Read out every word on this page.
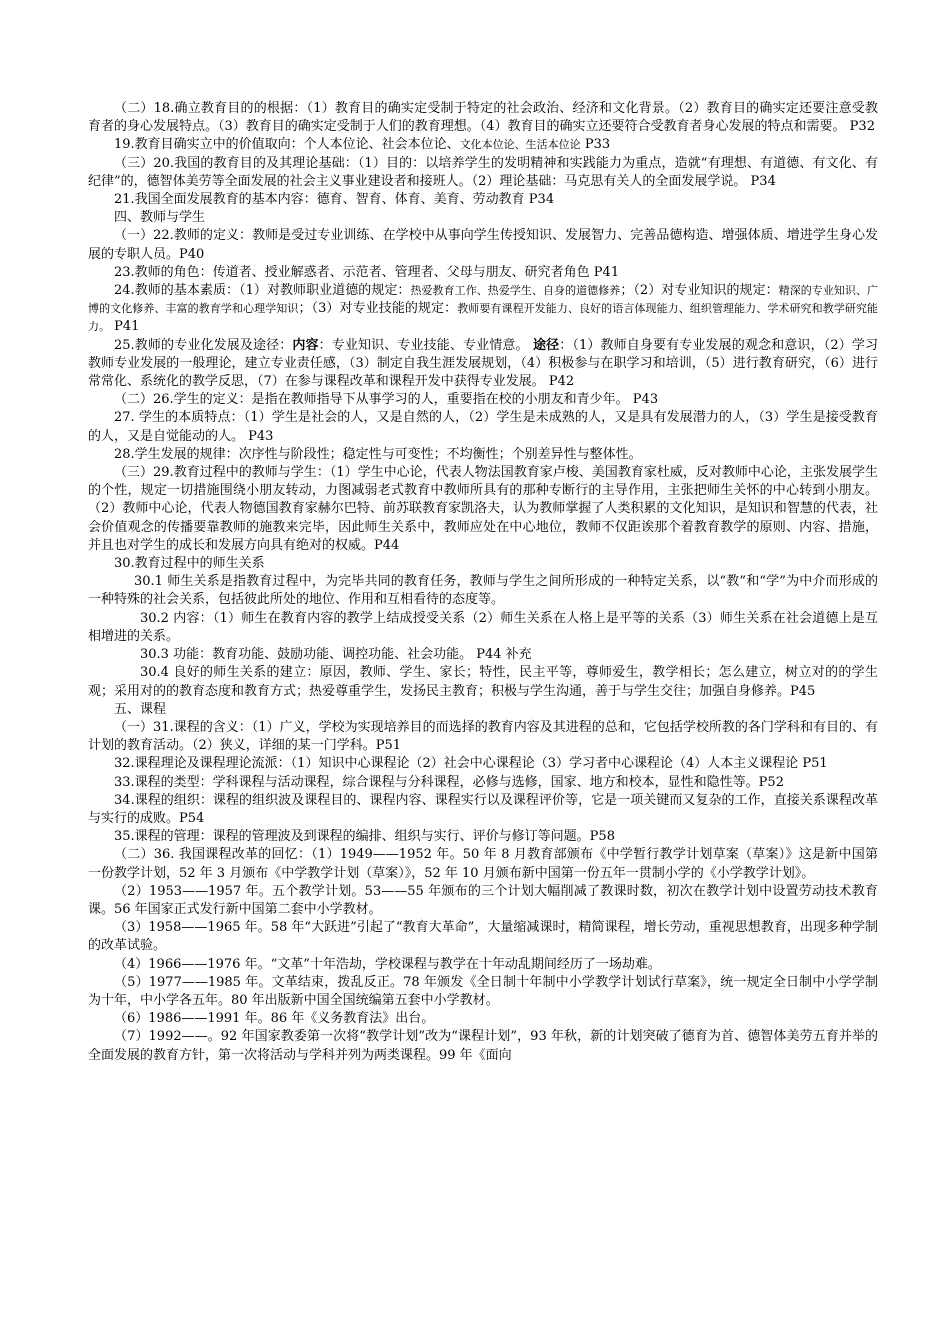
（二）18.确立教育目的的根据：（1）教育目的确实定受制于特定的社会政治、经济和文化背景。（2）教育目的确实定还要注意受教育者的身心发展特点。（3）教育目的确实定受制于人们的教育理想。（4）教育目的确实立还要符合受教育者身心发展的特点和需要。 P32

19.教育目确实立中的价值取向：个人本位论、社会本位论、文化本位论、生活本位论 P33

（三）20.我国的教育目的及其理论基础：（1）目的：以培养学生的发明精神和实践能力为重点，造就“有理想、有道德、有文化、有纪律”的，德智体美劳等全面发展的社会主义事业建设者和接班人。（2）理论基础：马克思有关人的全面发展学说。 P34

21.我国全面发展教育的基本内容：德育、智育、体育、美育、劳动教育 P34

四、教师与学生

（一）22.教师的定义：教师是受过专业训练、在学校中从事向学生传授知识、发展智力、完善品德构造、增强体质、增进学生身心发展的专职人员。P40

23.教师的角色：传道者、授业解惑者、示范者、管理者、父母与朋友、研究者角色 P41

24.教师的基本素质：（1）对教师职业道德的规定：热爱教育工作、热爱学生、自身的道德修养；（2）对专业知识的规定：精深的专业知识、广博的文化修养、丰富的教育学和心理学知识；（3）对专业技能的规定：教师要有课程开发能力、良好的语言体现能力、组织管理能力、学术研究和教学研究能力。 P41

25.教师的专业化发展及途径：内容：专业知识、专业技能、专业情意。 途径：（1）教师自身要有专业发展的观念和意识，（2）学习教师专业发展的一般理论，建立专业责任感，（3）制定自我生涯发展规划，（4）积极参与在职学习和培训，（5）进行教育研究，（6）进行常常化、系统化的教学反思，（7）在参与课程改革和课程开发中获得专业发展。 P42

（二）26.学生的定义：是指在教师指导下从事学习的人，重要指在校的小朋友和青少年。 P43

27. 学生的本质特点：（1）学生是社会的人，又是自然的人，（2）学生是未成熟的人，又是具有发展潜力的人，（3）学生是接受教育的人，又是自觉能动的人。 P43

28.学生发展的规律：次序性与阶段性；稳定性与可变性；不均衡性；个别差异性与整体性。

（三）29.教育过程中的教师与学生：（1）学生中心论，代表人物法国教育家卢梭、美国教育家杜威，反对教师中心论，主张发展学生的个性，规定一切措施围绕小朋友转动，力图减弱老式教育中教师所具有的那种专断行的主导作用，主张把师生关怀的中心转到小朋友。 （2）教师中心论，代表人物德国教育家赫尔巴特、前苏联教育家凯洛夫，认为教师掌握了人类积累的文化知识，是知识和智慧的代表，社会价值观念的传播要靠教师的施教来完毕，因此师生关系中，教师应处在中心地位，教师不仅距诶那个着教育教学的原则、内容、措施，并且也对学生的成长和发展方向具有绝对的权威。P44

30.教育过程中的师生关系

30.1 师生关系是指教育过程中，为完毕共同的教育任务，教师与学生之间所形成的一种特定关系，以“教”和“学”为中介而形成的一种特殊的社会关系，包括彼此所处的地位、作用和互相看待的态度等。

30.2 内容：（1）师生在教育内容的教学上结成授受关系（2）师生关系在人格上是平等的关系（3）师生关系在社会道德上是互相增进的关系。

30.3 功能：教育功能、鼓励功能、调控功能、社会功能。 P44 补充

30.4 良好的师生关系的建立：原因，教师、学生、家长；特性，民主平等，尊师爱生，教学相长；怎么建立，树立对的的学生观；采用对的的教育态度和教育方式；热爱尊重学生，发扬民主教育；积极与学生沟通，善于与学生交往；加强自身修养。P45

五、课程

（一）31.课程的含义：（1）广义，学校为实现培养目的而选择的教育内容及其进程的总和，它包括学校所教的各门学科和有目的、有计划的教育活动。（2）狭义，详细的某一门学科。P51

32.课程理论及课程理论流派：（1）知识中心课程论（2）社会中心课程论（3）学习者中心课程论（4）人本主义课程论 P51

33.课程的类型：学科课程与活动课程，综合课程与分科课程，必修与选修，国家、地方和校本，显性和隐性等。P52

34.课程的组织：课程的组织波及课程目的、课程内容、课程实行以及课程评价等，它是一项关键而又复杂的工作，直接关系课程改革与实行的成败。P54

35.课程的管理：课程的管理波及到课程的编排、组织与实行、评价与修订等问题。P58

（二）36. 我国课程改革的回忆：（1）1949——1952 年。50 年 8 月教育部颁布《中学暂行教学计划草案（草案）》这是新中国第一份教学计划，52 年 3 月颁布《中学教学计划（草案）》，52 年 10 月颁布新中国第一份五年一贯制小学的《小学教学计划》。

（2）1953——1957 年。五个教学计划。53——55 年颁布的三个计划大幅削减了教课时数，初次在教学计划中设置劳动技术教育课。56 年国家正式发行新中国第二套中小学教材。

（3）1958——1965 年。58 年“大跃进”引起了“教育大革命”，大量缩减课时，精简课程，增长劳动，重视思想教育，出现多种学制的改革试验。

（4）1966——1976 年。“文革”十年浩劫，学校课程与教学在十年动乱期间经历了一场劫难。

（5）1977——1985 年。文革结束，拨乱反正。78 年颁发《全日制十年制中小学教学计划试行草案》，统一规定全日制中小学学制为十年，中小学各五年。80 年出版新中国全国统编第五套中小学教材。

（6）1986——1991 年。86 年《义务教育法》出台。

（7）1992——。92 年国家教委第一次将“教学计划”改为“课程计划”，93 年秋，新的计划突破了德育为首、德智体美劳五育并举的全面发展的教育方针，第一次将活动与学科并列为两类课程。99 年《面向
